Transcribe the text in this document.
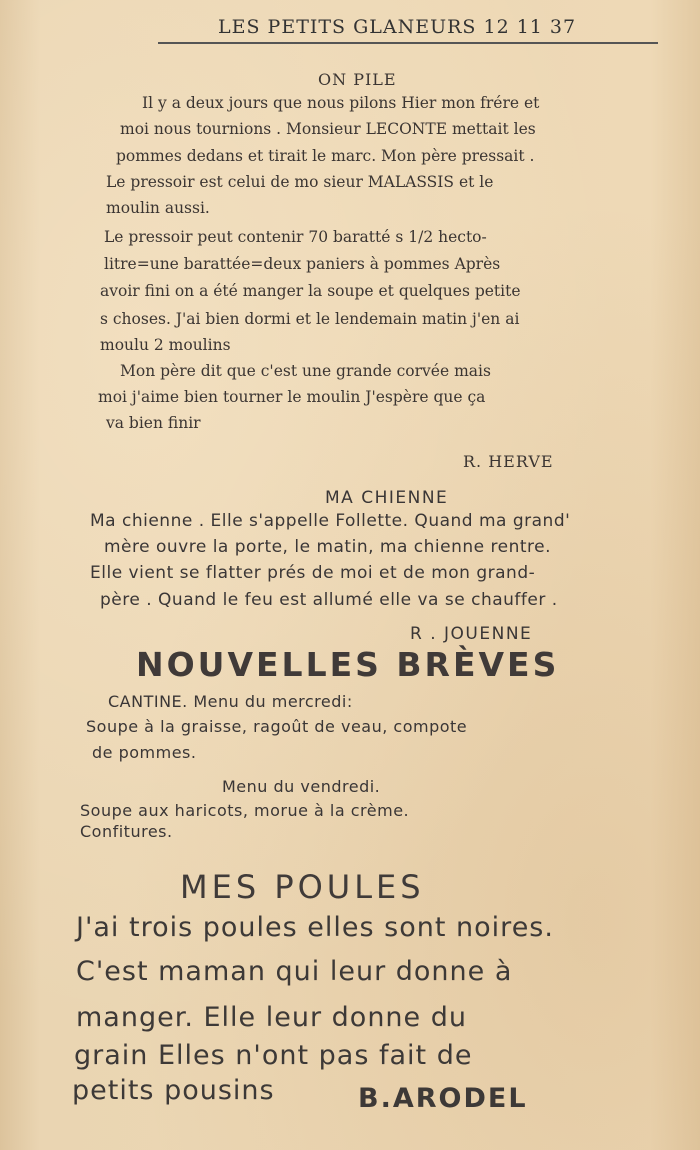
LES PETITS GLANEURS 12 11 37
ON PILE
Il y a deux jours que nous pilons Hier mon frére et
moi nous tournions . Monsieur LECONTE mettait les
pommes dedans et tirait le marc. Mon père pressait .
Le pressoir est celui de mo sieur MALASSIS et le
moulin aussi.
Le pressoir peut contenir 70 baratté s 1/2 hecto-
litre=une barattée=deux paniers à pommes Après
avoir fini on a été manger la soupe et quelques petite
s choses. J'ai bien dormi et le lendemain matin j'en ai
moulu 2 moulins
Mon père dit que c'est une grande corvée mais
moi j'aime bien tourner le moulin J'espère que ça
va bien finir
R. HERVE
MA CHIENNE
Ma chienne . Elle s'appelle Follette. Quand ma grand'
mère ouvre la porte, le matin, ma chienne rentre.
Elle vient se flatter prés de moi et de mon grand-
père . Quand le feu est allumé elle va se chauffer .
R . JOUENNE
NOUVELLES BRÈVES
CANTINE. Menu du mercredi:
Soupe à la graisse, ragoût de veau, compote
de pommes.
Menu du vendredi.
Soupe aux haricots, morue à la crème.
Confitures.
MES POULES
J'ai trois poules elles sont noires.
C'est maman qui leur donne à
manger. Elle leur donne du
grain Elles n'ont pas fait de
petits pousins	B.ARODEL
